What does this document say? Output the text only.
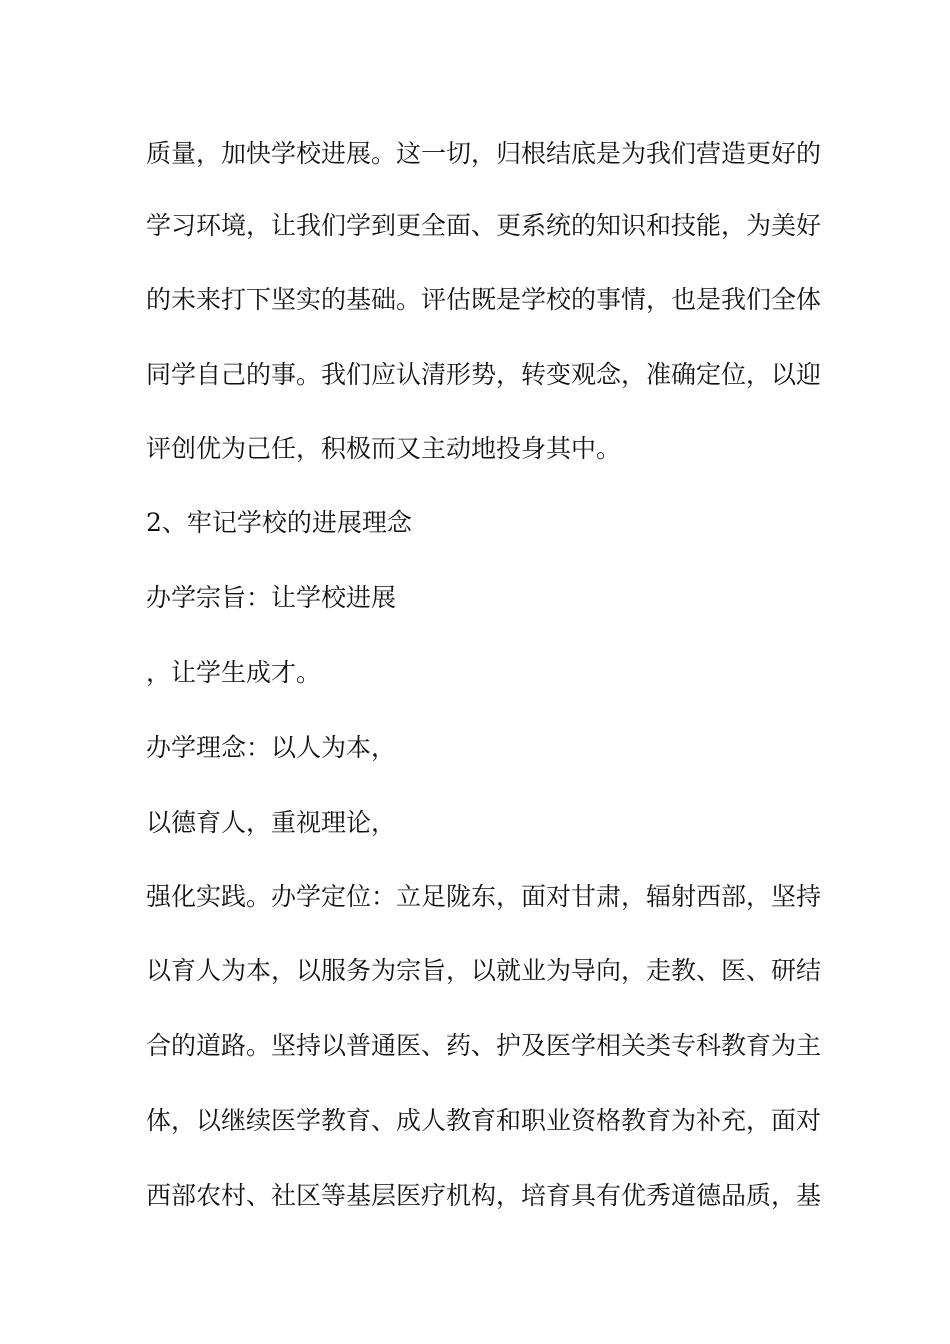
质量，加快学校进展。这一切，归根结底是为我们营造更好的
学习环境，让我们学到更全面、更系统的知识和技能，为美好
的未来打下坚实的基础。评估既是学校的事情，也是我们全体
同学自己的事。我们应认清形势，转变观念，准确定位，以迎
评创优为己任，积极而又主动地投身其中。
2、牢记学校的进展理念
办学宗旨：让学校进展
，让学生成才。
办学理念：以人为本，
以德育人，重视理论，
强化实践。办学定位：立足陇东，面对甘肃，辐射西部，坚持
以育人为本，以服务为宗旨，以就业为导向，走教、医、研结
合的道路。坚持以普通医、药、护及医学相关类专科教育为主
体，以继续医学教育、成人教育和职业资格教育为补充，面对
西部农村、社区等基层医疗机构，培育具有优秀道德品质，基
